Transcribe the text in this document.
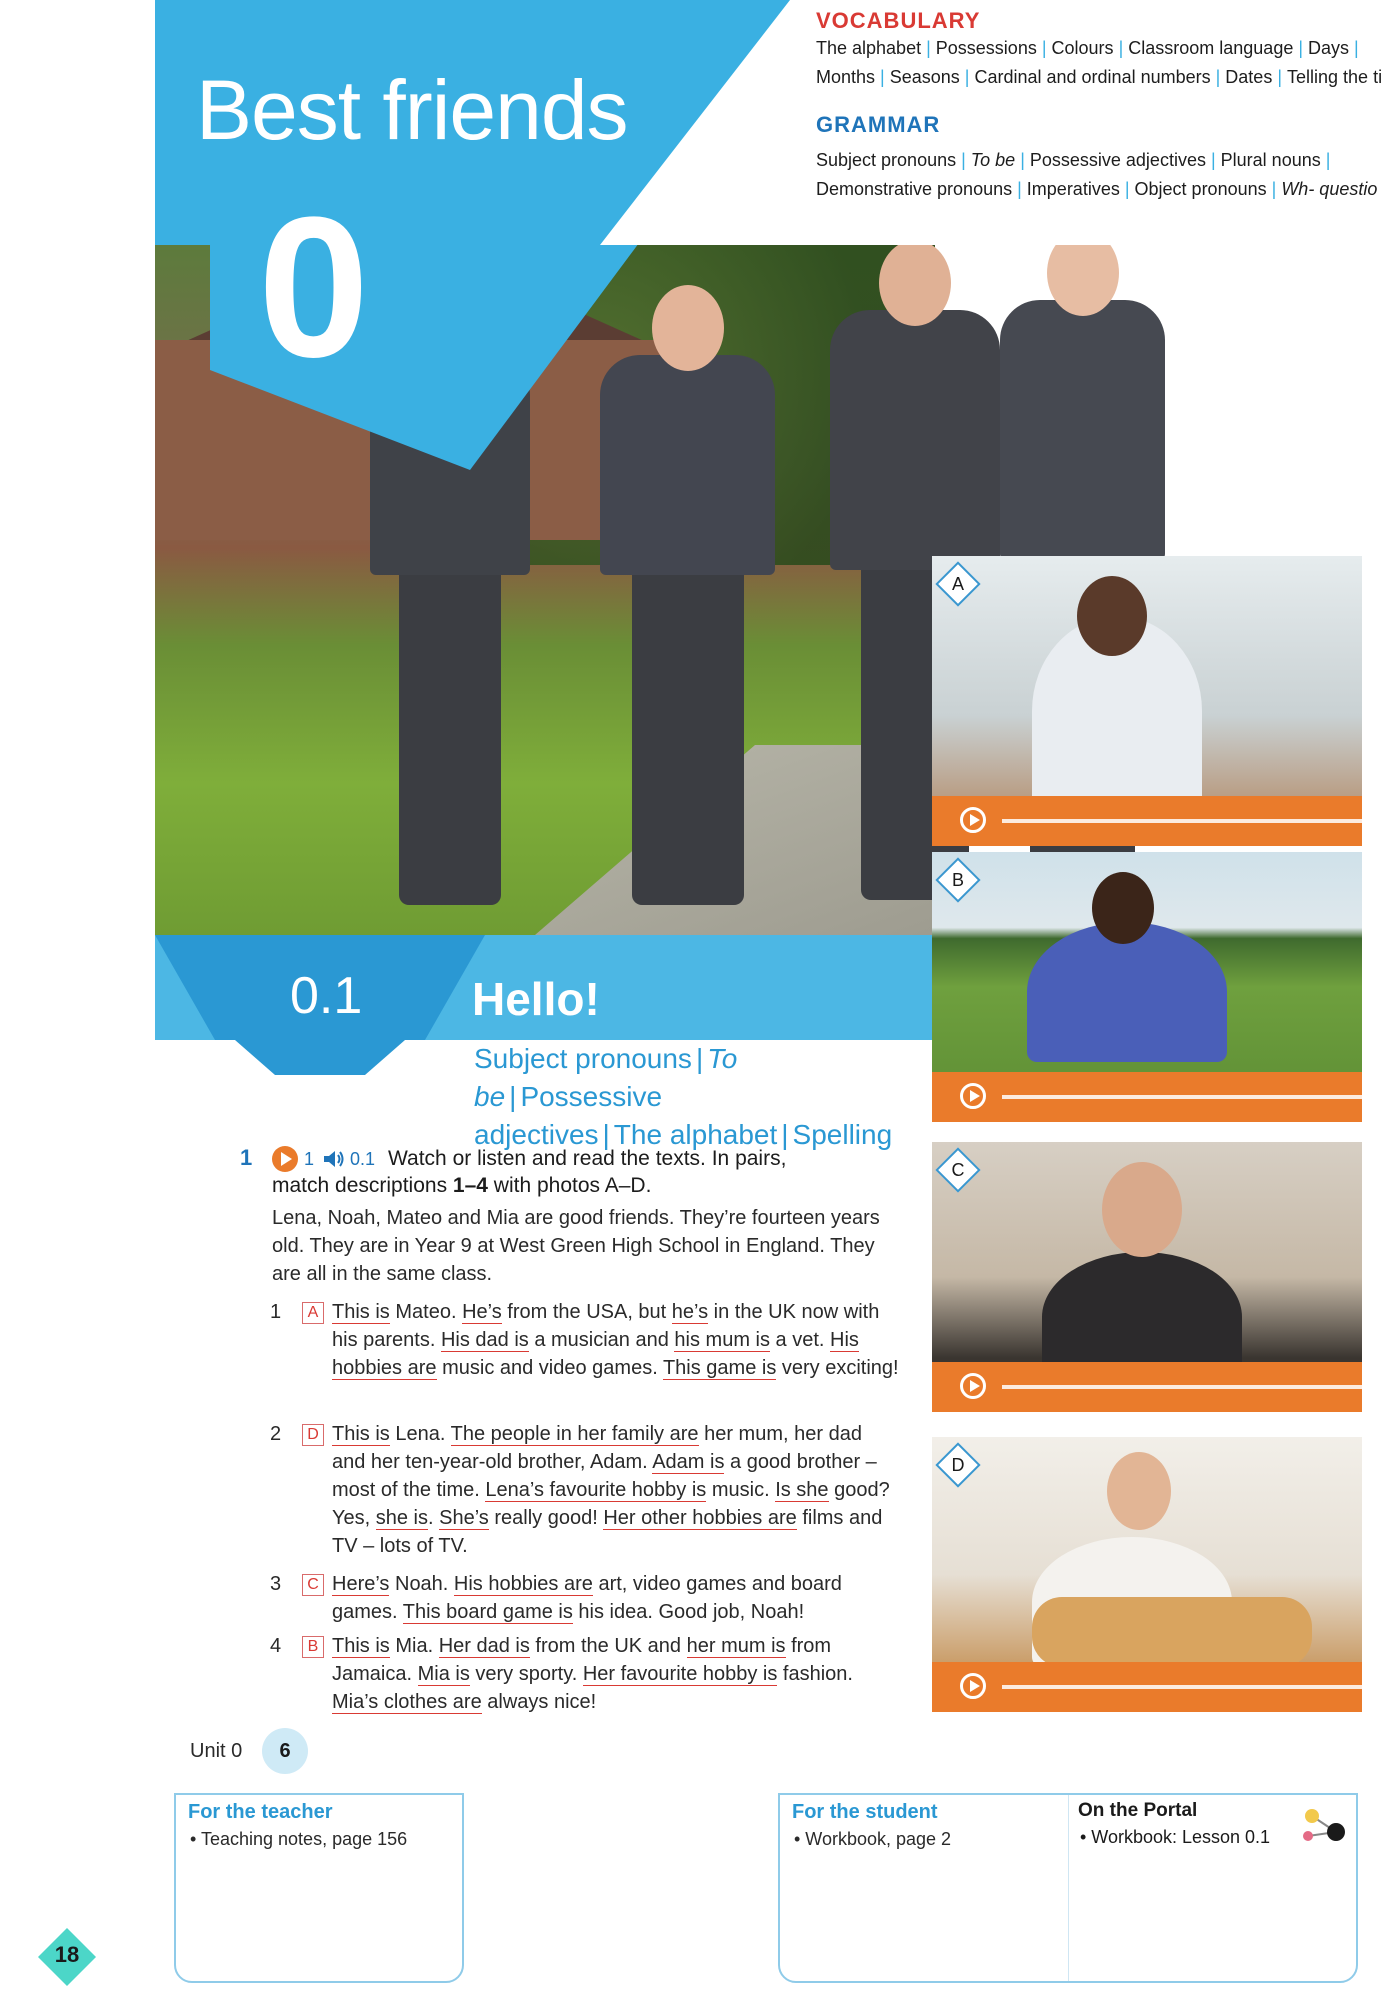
Best friends
0
VOCABULARY
The alphabet | Possessions | Colours | Classroom language | Days |
Months | Seasons | Cardinal and ordinal numbers | Dates | Telling the ti
GRAMMAR
Subject pronouns | To be | Possessive adjectives | Plural nouns |
Demonstrative pronouns | Imperatives | Object pronouns | Wh- questio
A
B
C
D
0.1 Hello!
Subject pronouns | To be | Possessive
adjectives | The alphabet | Spelling
1	1 0.1 Watch or listen and read the texts. In pairs,
match descriptions 1–4 with photos A–D.
Lena, Noah, Mateo and Mia are good friends. They’re fourteen years old. They are in Year 9 at West Green High School in England. They are all in the same class.
1	A This is Mateo. He’s from the USA, but he’s in the UK now with his parents. His dad is a musician and his mum is a vet. His hobbies are music and video games. This game is very exciting!
2	D This is Lena. The people in her family are her mum, her dad and her ten-year-old brother, Adam. Adam is a good brother – most of the time. Lena’s favourite hobby is music. Is she good? Yes, she is. She’s really good! Her other hobbies are films and TV – lots of TV.
3	C Here’s Noah. His hobbies are art, video games and board games. This board game is his idea. Good job, Noah!
4	B This is Mia. Her dad is from the UK and her mum is from Jamaica. Mia is very sporty. Her favourite hobby is fashion. Mia’s clothes are always nice!
Unit 0	6
For the teacher
• Teaching notes, page 156
For the student
• Workbook, page 2
On the Portal
• Workbook: Lesson 0.1
18
